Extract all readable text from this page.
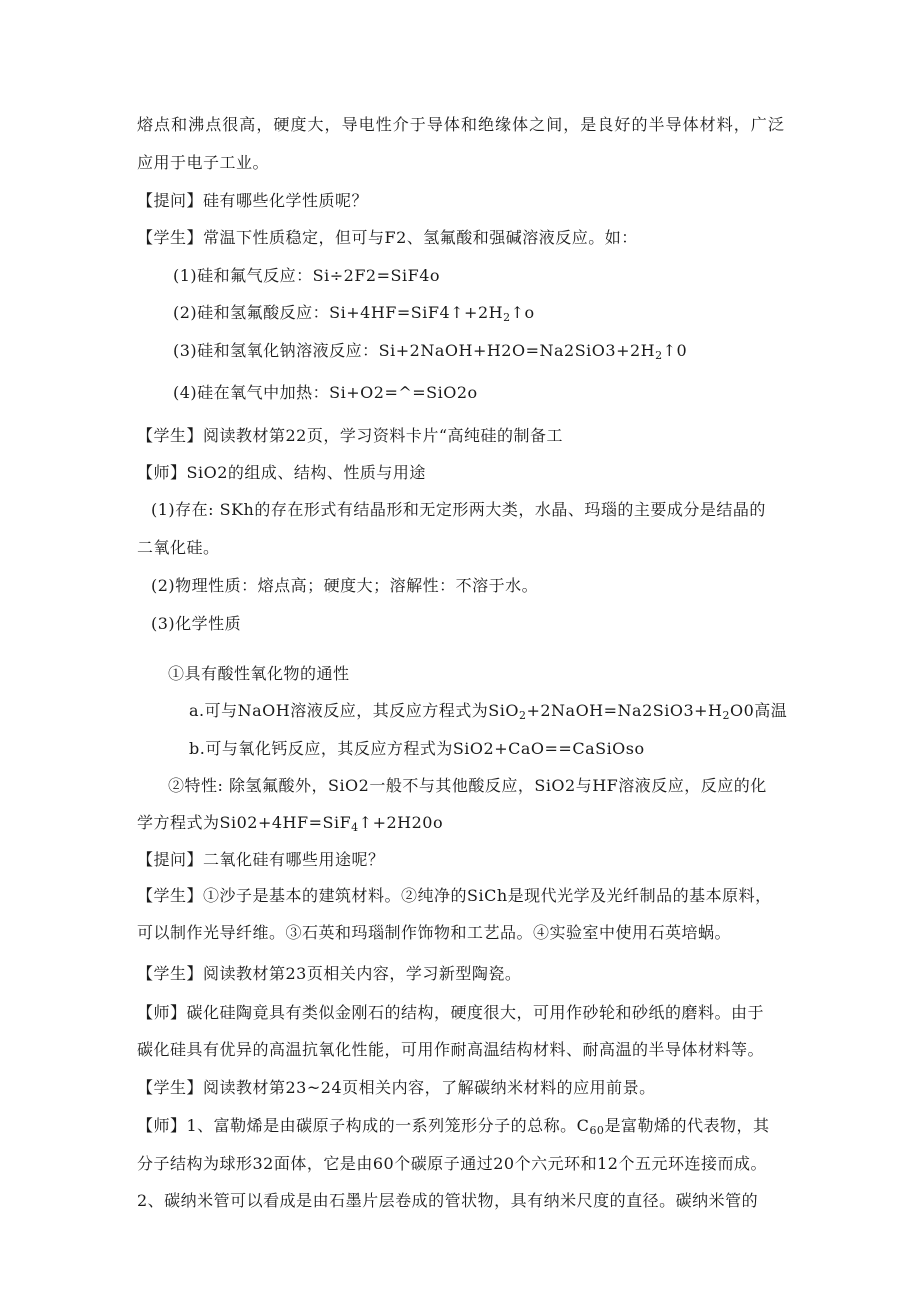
熔点和沸点很高，硬度大，导电性介于导体和绝缘体之间，是良好的半导体材料，广泛
应用于电子工业。
【提问】硅有哪些化学性质呢？
【学生】常温下性质稳定，但可与F2、氢氟酸和强碱溶液反应。如：
(1)硅和氟气反应：Si÷2F2=SiF4o
(2)硅和氢氟酸反应：$Si+4HF=SiF4↑+2H_2↑o$
(3)硅和氢氧化钠溶液反应：$Si+2NaOH+H2O=Na2SiO3+2H_2↑0$
(4)硅在氧气中加热：Si+O2=^=SiO2o
【学生】阅读教材第22页，学习资料卡片“高纯硅的制备工
【师】SiO2的组成、结构、性质与用途
(1)存在: SKh的存在形式有结晶形和无定形两大类，水晶、玛瑙的主要成分是结晶的
二氧化硅。
(2)物理性质：熔点高；硬度大；溶解性：不溶于水。
(3)化学性质
①具有酸性氧化物的通性
a.可与NaOH溶液反应，其反应方程式为$SiO_2+2NaOH=Na2SiO3+H_2O0$高温
b.可与氧化钙反应，其反应方程式为SiO2+CaO==CaSiOso
②特性: 除氢氟酸外，SiO2一般不与其他酸反应，SiO2与HF溶液反应，反应的化
学方程式为Si02+4HF=SiF$_4$↑+2H20o
【提问】二氧化硅有哪些用途呢？
【学生】①沙子是基本的建筑材料。②纯净的SiCh是现代光学及光纤制品的基本原料，
可以制作光导纤维。③石英和玛瑙制作饰物和工艺品。④实验室中使用石英培蜗。
【学生】阅读教材第23页相关内容，学习新型陶瓷。
【师】碳化硅陶竟具有类似金刚石的结构，硬度很大，可用作砂轮和砂纸的磨料。由于
碳化硅具有优异的高温抗氧化性能，可用作耐高温结构材料、耐高温的半导体材料等。
【学生】阅读教材第23~24页相关内容，了解碳纳米材料的应用前景。
【师】1、富勒烯是由碳原子构成的一系列笼形分子的总称。$C_{60}$是富勒烯的代表物，其
分子结构为球形32面体，它是由60个碳原子通过20个六元环和12个五元环连接而成。
2、碳纳米管可以看成是由石墨片层卷成的管状物，具有纳米尺度的直径。碳纳米管的
